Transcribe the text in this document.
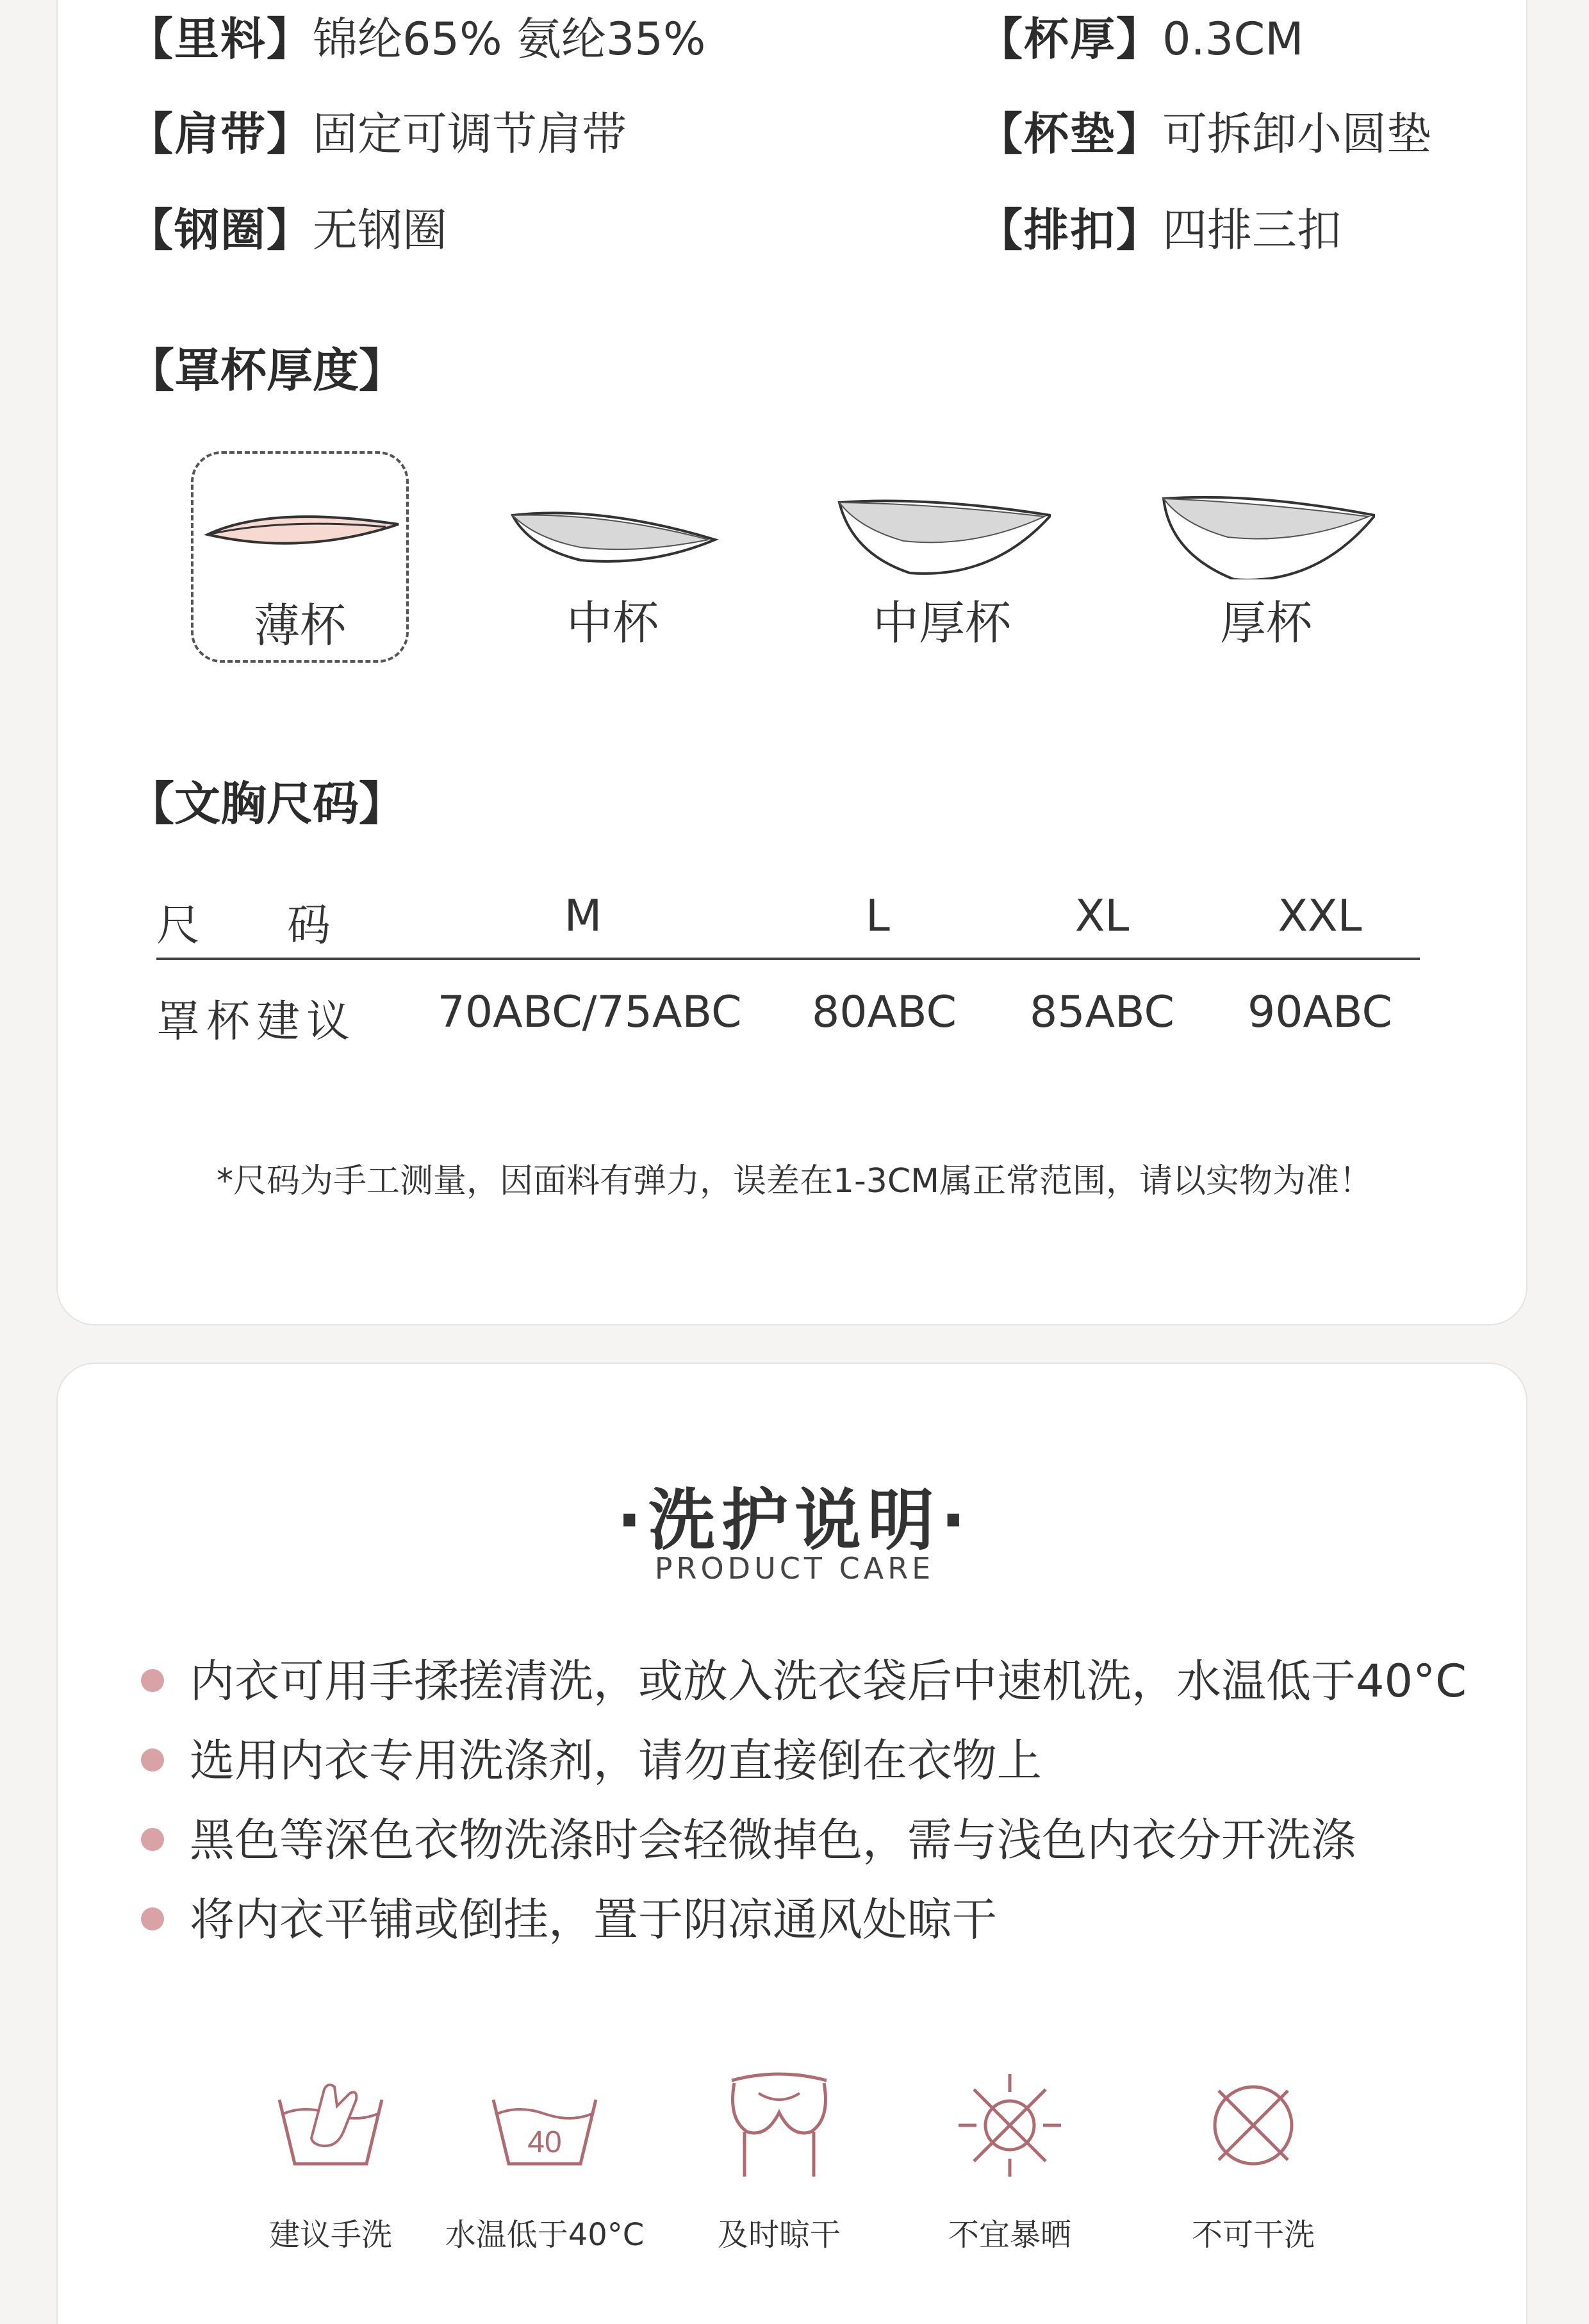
【里料】锦纶65% 氨纶35%	【杯厚】0.3CM
【肩带】固定可调节肩带	【杯垫】可拆卸小圆垫
【钢圈】无钢圈	【排扣】四排三扣
【罩杯厚度】
薄杯	中杯	中厚杯	厚杯
【文胸尺码】
尺　　码	M	L	XL	XXL
罩杯建议	70ABC/75ABC	80ABC	85ABC	90ABC
*尺码为手工测量，因面料有弹力，误差在1-3CM属正常范围，请以实物为准！
·洗护说明·
PRODUCT CARE
内衣可用手揉搓清洗，或放入洗衣袋后中速机洗，水温低于40°C
选用内衣专用洗涤剂，请勿直接倒在衣物上
黑色等深色衣物洗涤时会轻微掉色，需与浅色内衣分开洗涤
将内衣平铺或倒挂，置于阴凉通风处晾干
建议手洗
40
水温低于40°C	及时晾干	不宜暴晒	不可干洗
